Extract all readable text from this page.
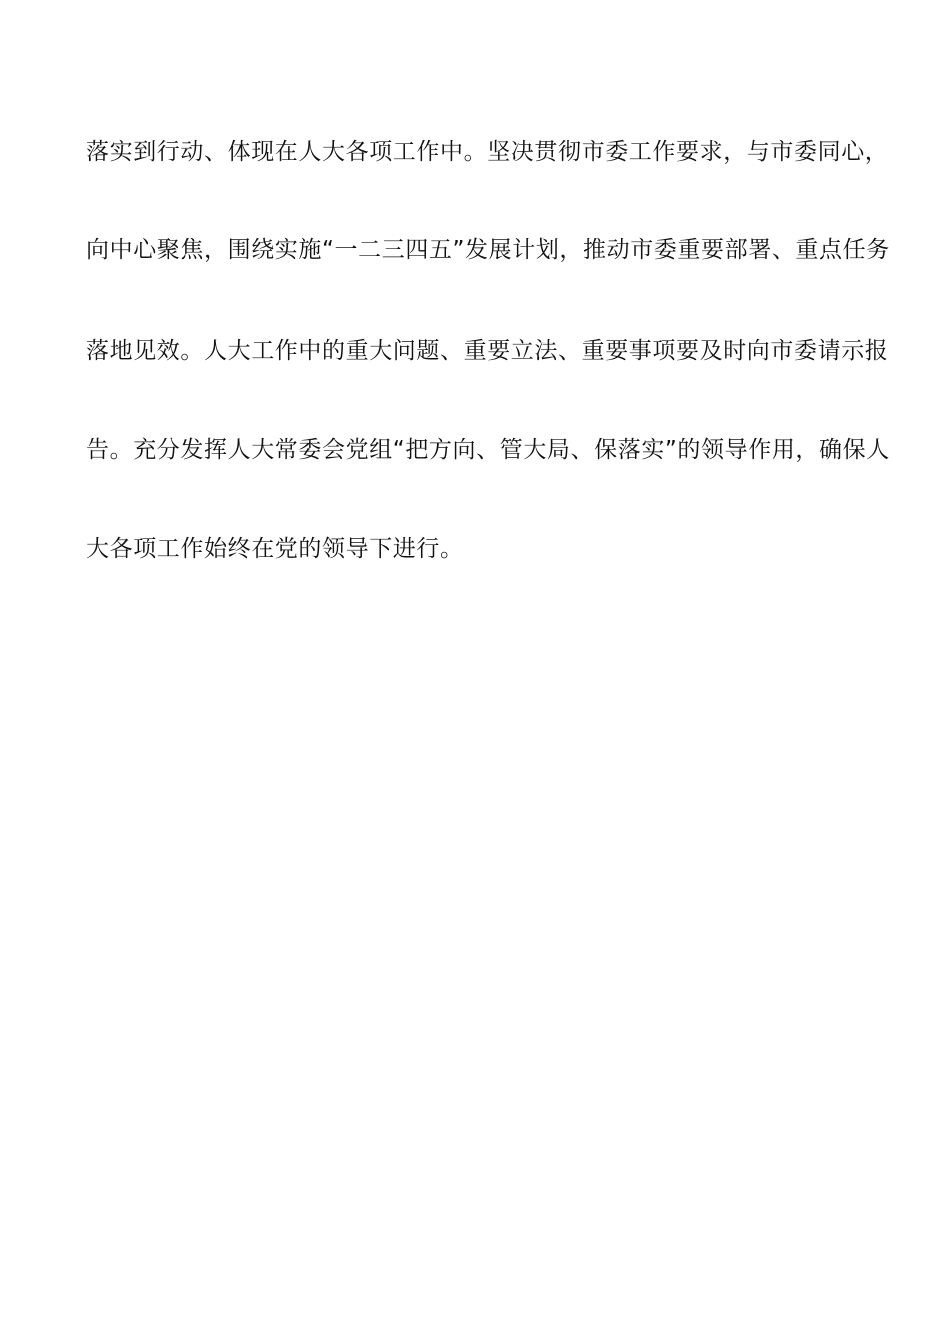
落实到行动、体现在人大各项工作中。坚决贯彻市委工作要求，与市委同心，
向中心聚焦，围绕实施“一二三四五”发展计划，推动市委重要部署、重点任务
落地见效。人大工作中的重大问题、重要立法、重要事项要及时向市委请示报
告。充分发挥人大常委会党组“把方向、管大局、保落实”的领导作用，确保人
大各项工作始终在党的领导下进行。
